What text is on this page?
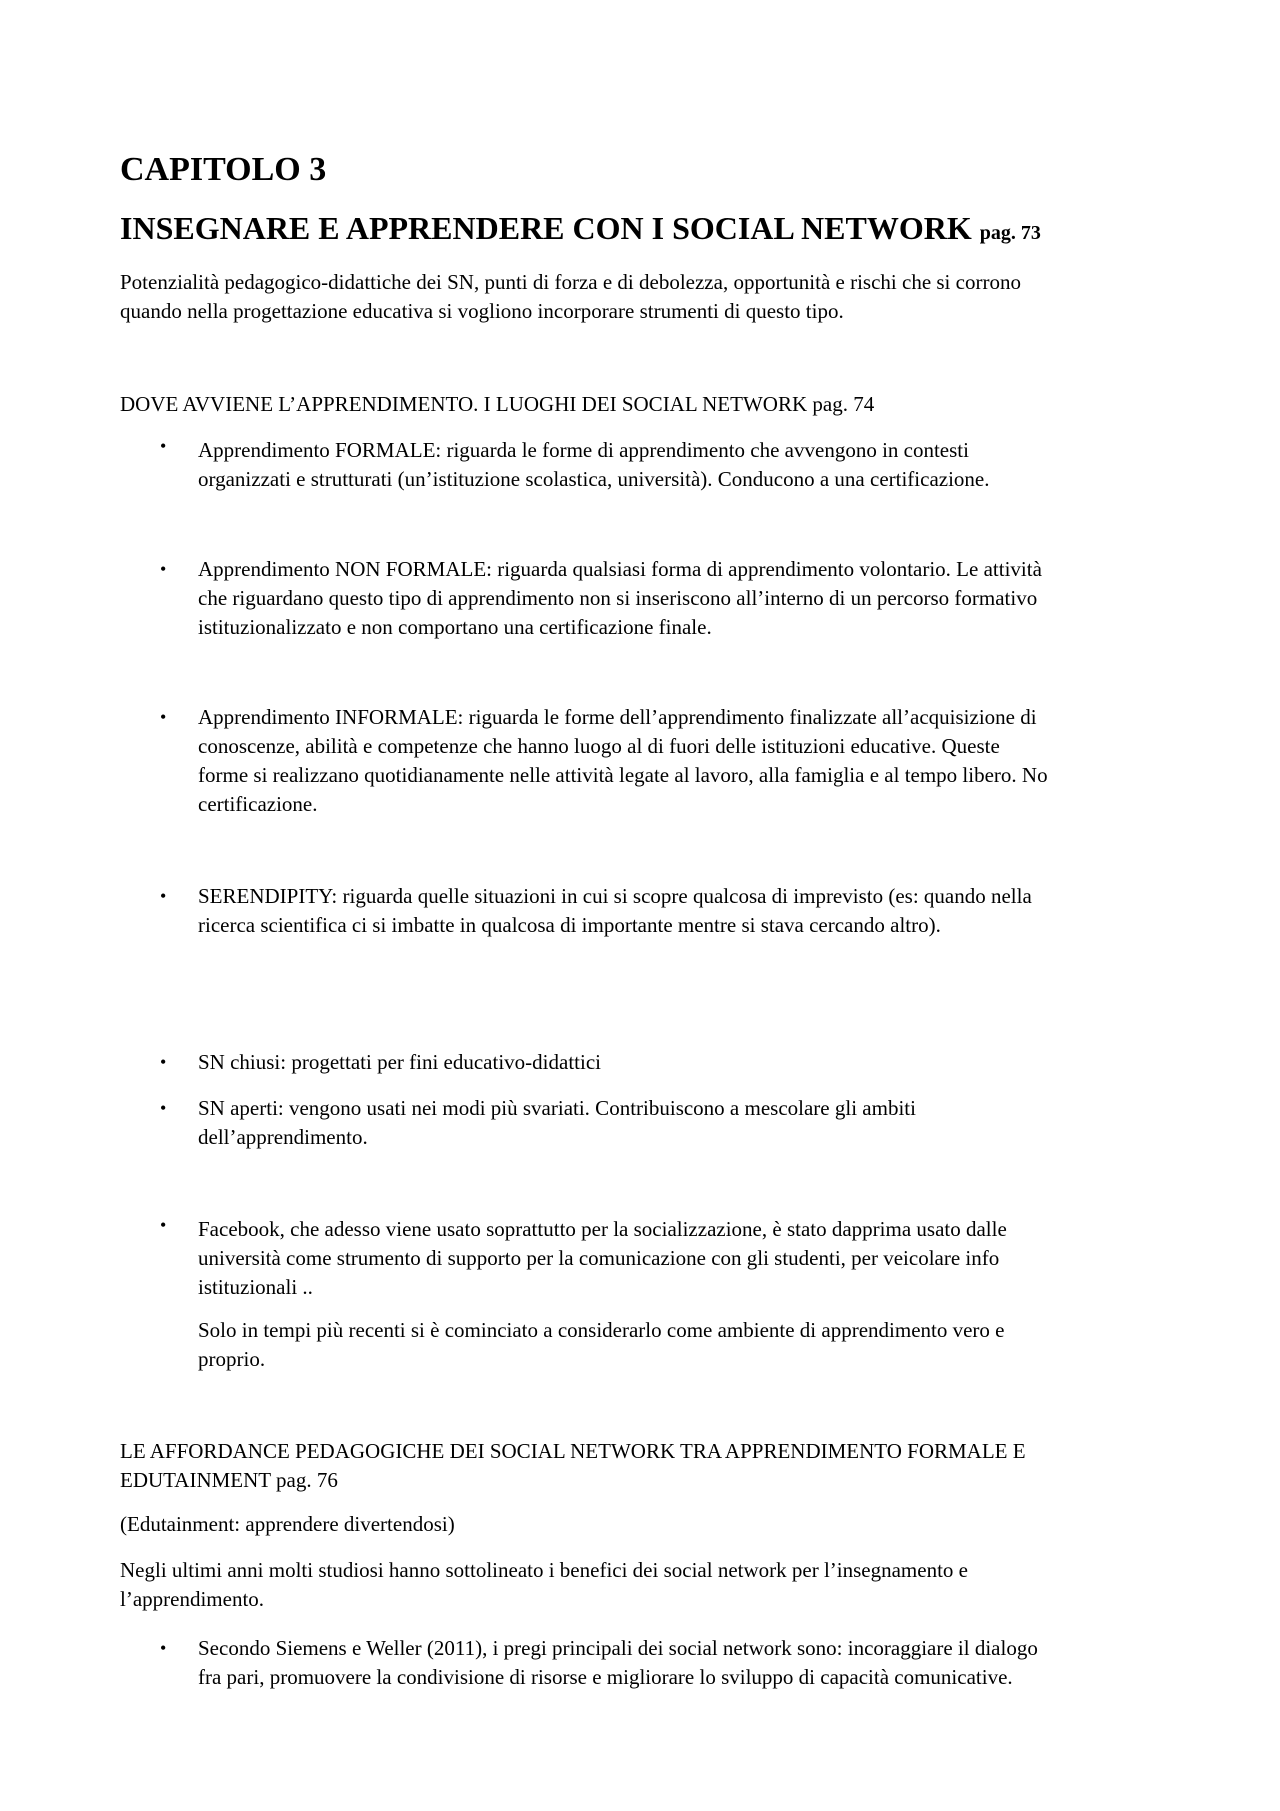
CAPITOLO 3
INSEGNARE E APPRENDERE CON I SOCIAL NETWORK pag. 73
Potenzialità pedagogico-didattiche dei SN, punti di forza e di debolezza, opportunità e rischi che si corrono
quando nella progettazione educativa si vogliono incorporare strumenti di questo tipo.
DOVE AVVIENE L’APPRENDIMENTO. I LUOGHI DEI SOCIAL NETWORK pag. 74
• Apprendimento FORMALE: riguarda le forme di apprendimento che avvengono in contesti
organizzati e strutturati (un’istituzione scolastica, università). Conducono a una certificazione.
• Apprendimento NON FORMALE: riguarda qualsiasi forma di apprendimento volontario. Le attività
che riguardano questo tipo di apprendimento non si inseriscono all’interno di un percorso formativo
istituzionalizzato e non comportano una certificazione finale.
• Apprendimento INFORMALE: riguarda le forme dell’apprendimento finalizzate all’acquisizione di
conoscenze, abilità e competenze che hanno luogo al di fuori delle istituzioni educative. Queste
forme si realizzano quotidianamente nelle attività legate al lavoro, alla famiglia e al tempo libero. No
certificazione.
• SERENDIPITY: riguarda quelle situazioni in cui si scopre qualcosa di imprevisto (es: quando nella
ricerca scientifica ci si imbatte in qualcosa di importante mentre si stava cercando altro).
• SN chiusi: progettati per fini educativo-didattici
• SN aperti: vengono usati nei modi più svariati. Contribuiscono a mescolare gli ambiti
dell’apprendimento.
• Facebook, che adesso viene usato soprattutto per la socializzazione, è stato dapprima usato dalle
università come strumento di supporto per la comunicazione con gli studenti, per veicolare info
istituzionali ..
Solo in tempi più recenti si è cominciato a considerarlo come ambiente di apprendimento vero e
proprio.
LE AFFORDANCE PEDAGOGICHE DEI SOCIAL NETWORK TRA APPRENDIMENTO FORMALE E
EDUTAINMENT pag. 76
(Edutainment: apprendere divertendosi)
Negli ultimi anni molti studiosi hanno sottolineato i benefici dei social network per l’insegnamento e
l’apprendimento.
• Secondo Siemens e Weller (2011), i pregi principali dei social network sono: incoraggiare il dialogo
fra pari, promuovere la condivisione di risorse e migliorare lo sviluppo di capacità comunicative.
